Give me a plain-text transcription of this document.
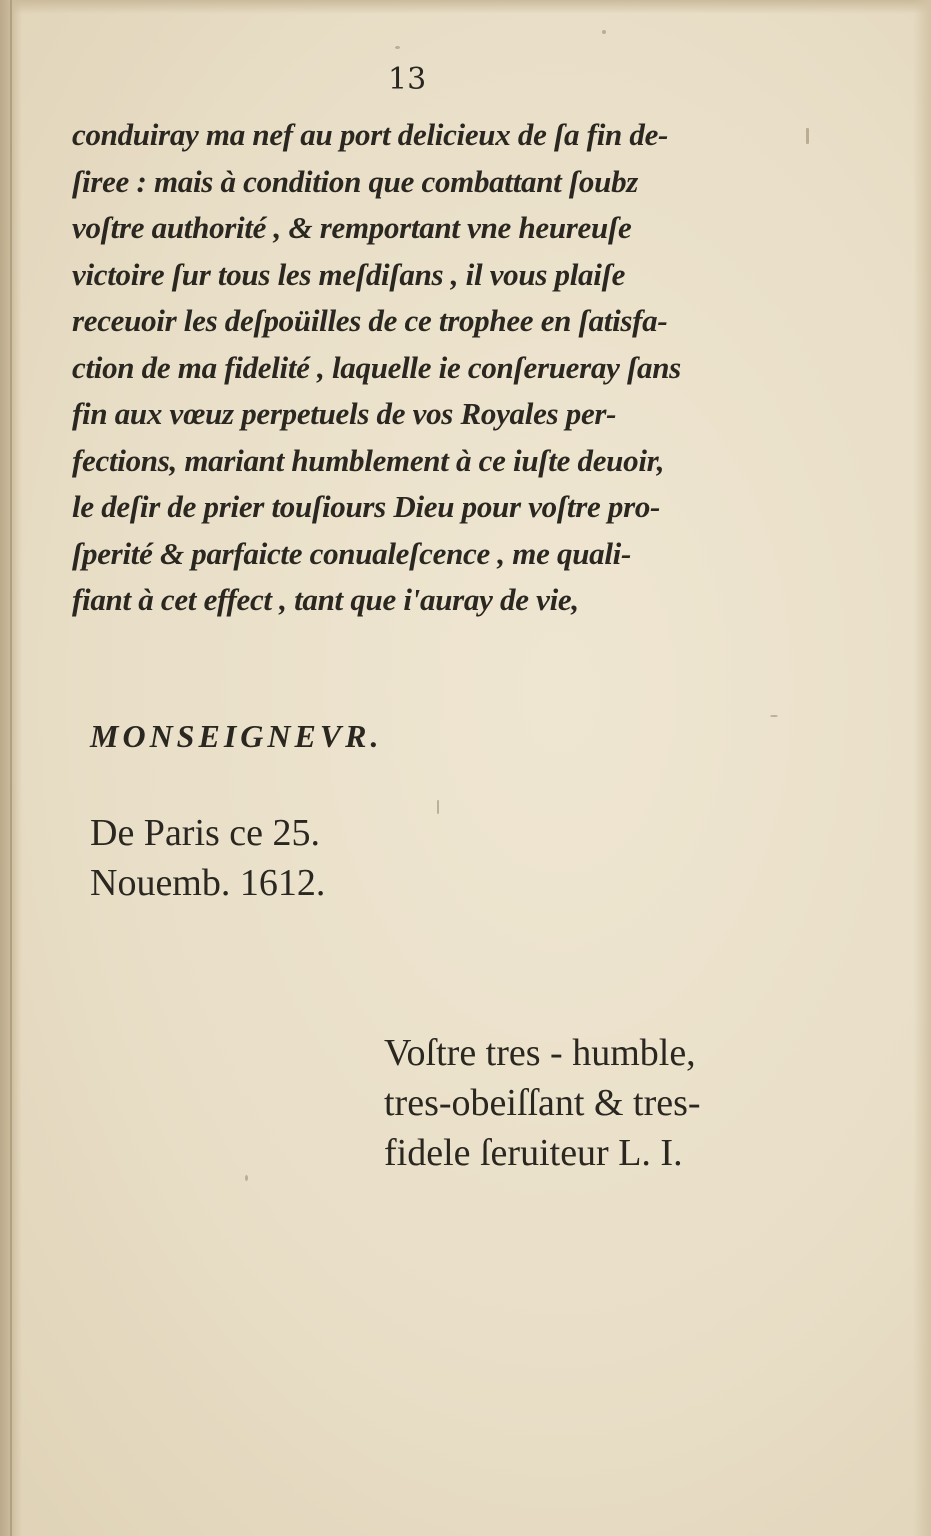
13
conduiray ma nef au port delicieux de ſa fin de-
ſiree : mais à condition que combattant ſoubz
voſtre authorité , & remportant vne heureuſe
victoire ſur tous les meſdiſans , il vous plaiſe
receuoir les deſpoüilles de ce trophee en ſatisfa-
ction de ma fidelité , laquelle ie conſerueray ſans
fin aux vœuz perpetuels de vos Royales per-
fections, mariant humblement à ce iuſte deuoir,
le deſir de prier touſiours Dieu pour voſtre pro-
ſperité & parfaicte conualeſcence , me quali-
fiant à cet effect , tant que i'auray de vie,
MONSEIGNEVR.
De Paris ce 25.
Nouemb. 1612.
Voſtre tres - humble,
tres-obeiſſant & tres-
fidele ſeruiteur L. I.
